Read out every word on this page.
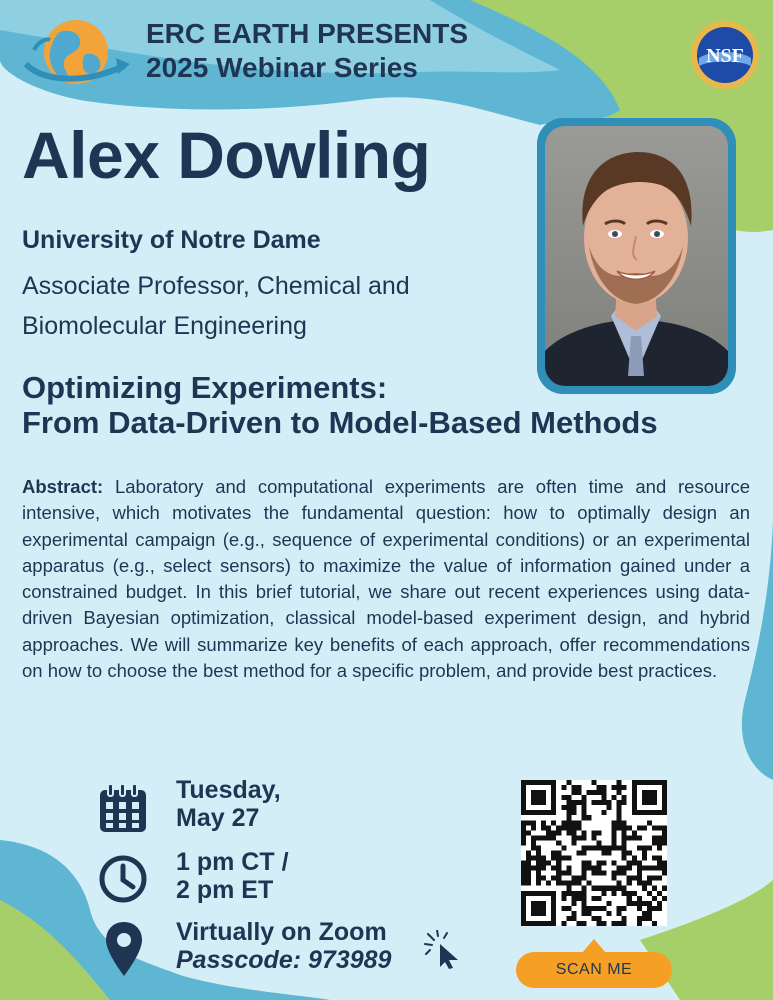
ERC EARTH PRESENTS
2025 Webinar Series	NSF
Alex Dowling
University of Notre Dame
Associate Professor, Chemical and Biomolecular Engineering
Optimizing Experiments:
From Data-Driven to Model-Based Methods
Abstract: Laboratory and computational experiments are often time and resource intensive, which motivates the fundamental question: how to optimally design an experimental campaign (e.g., sequence of experimental conditions) or an experimental apparatus (e.g., select sensors) to maximize the value of information gained under a constrained budget. In this brief tutorial, we share out recent experiences using data-driven Bayesian optimization, classical model-based experiment design, and hybrid approaches. We will summarize key benefits of each approach, offer recommendations on how to choose the best method for a specific problem, and provide best practices.
Tuesday,
May 27
1 pm CT /
2 pm ET
Virtually on Zoom
Passcode: 973989	SCAN ME
